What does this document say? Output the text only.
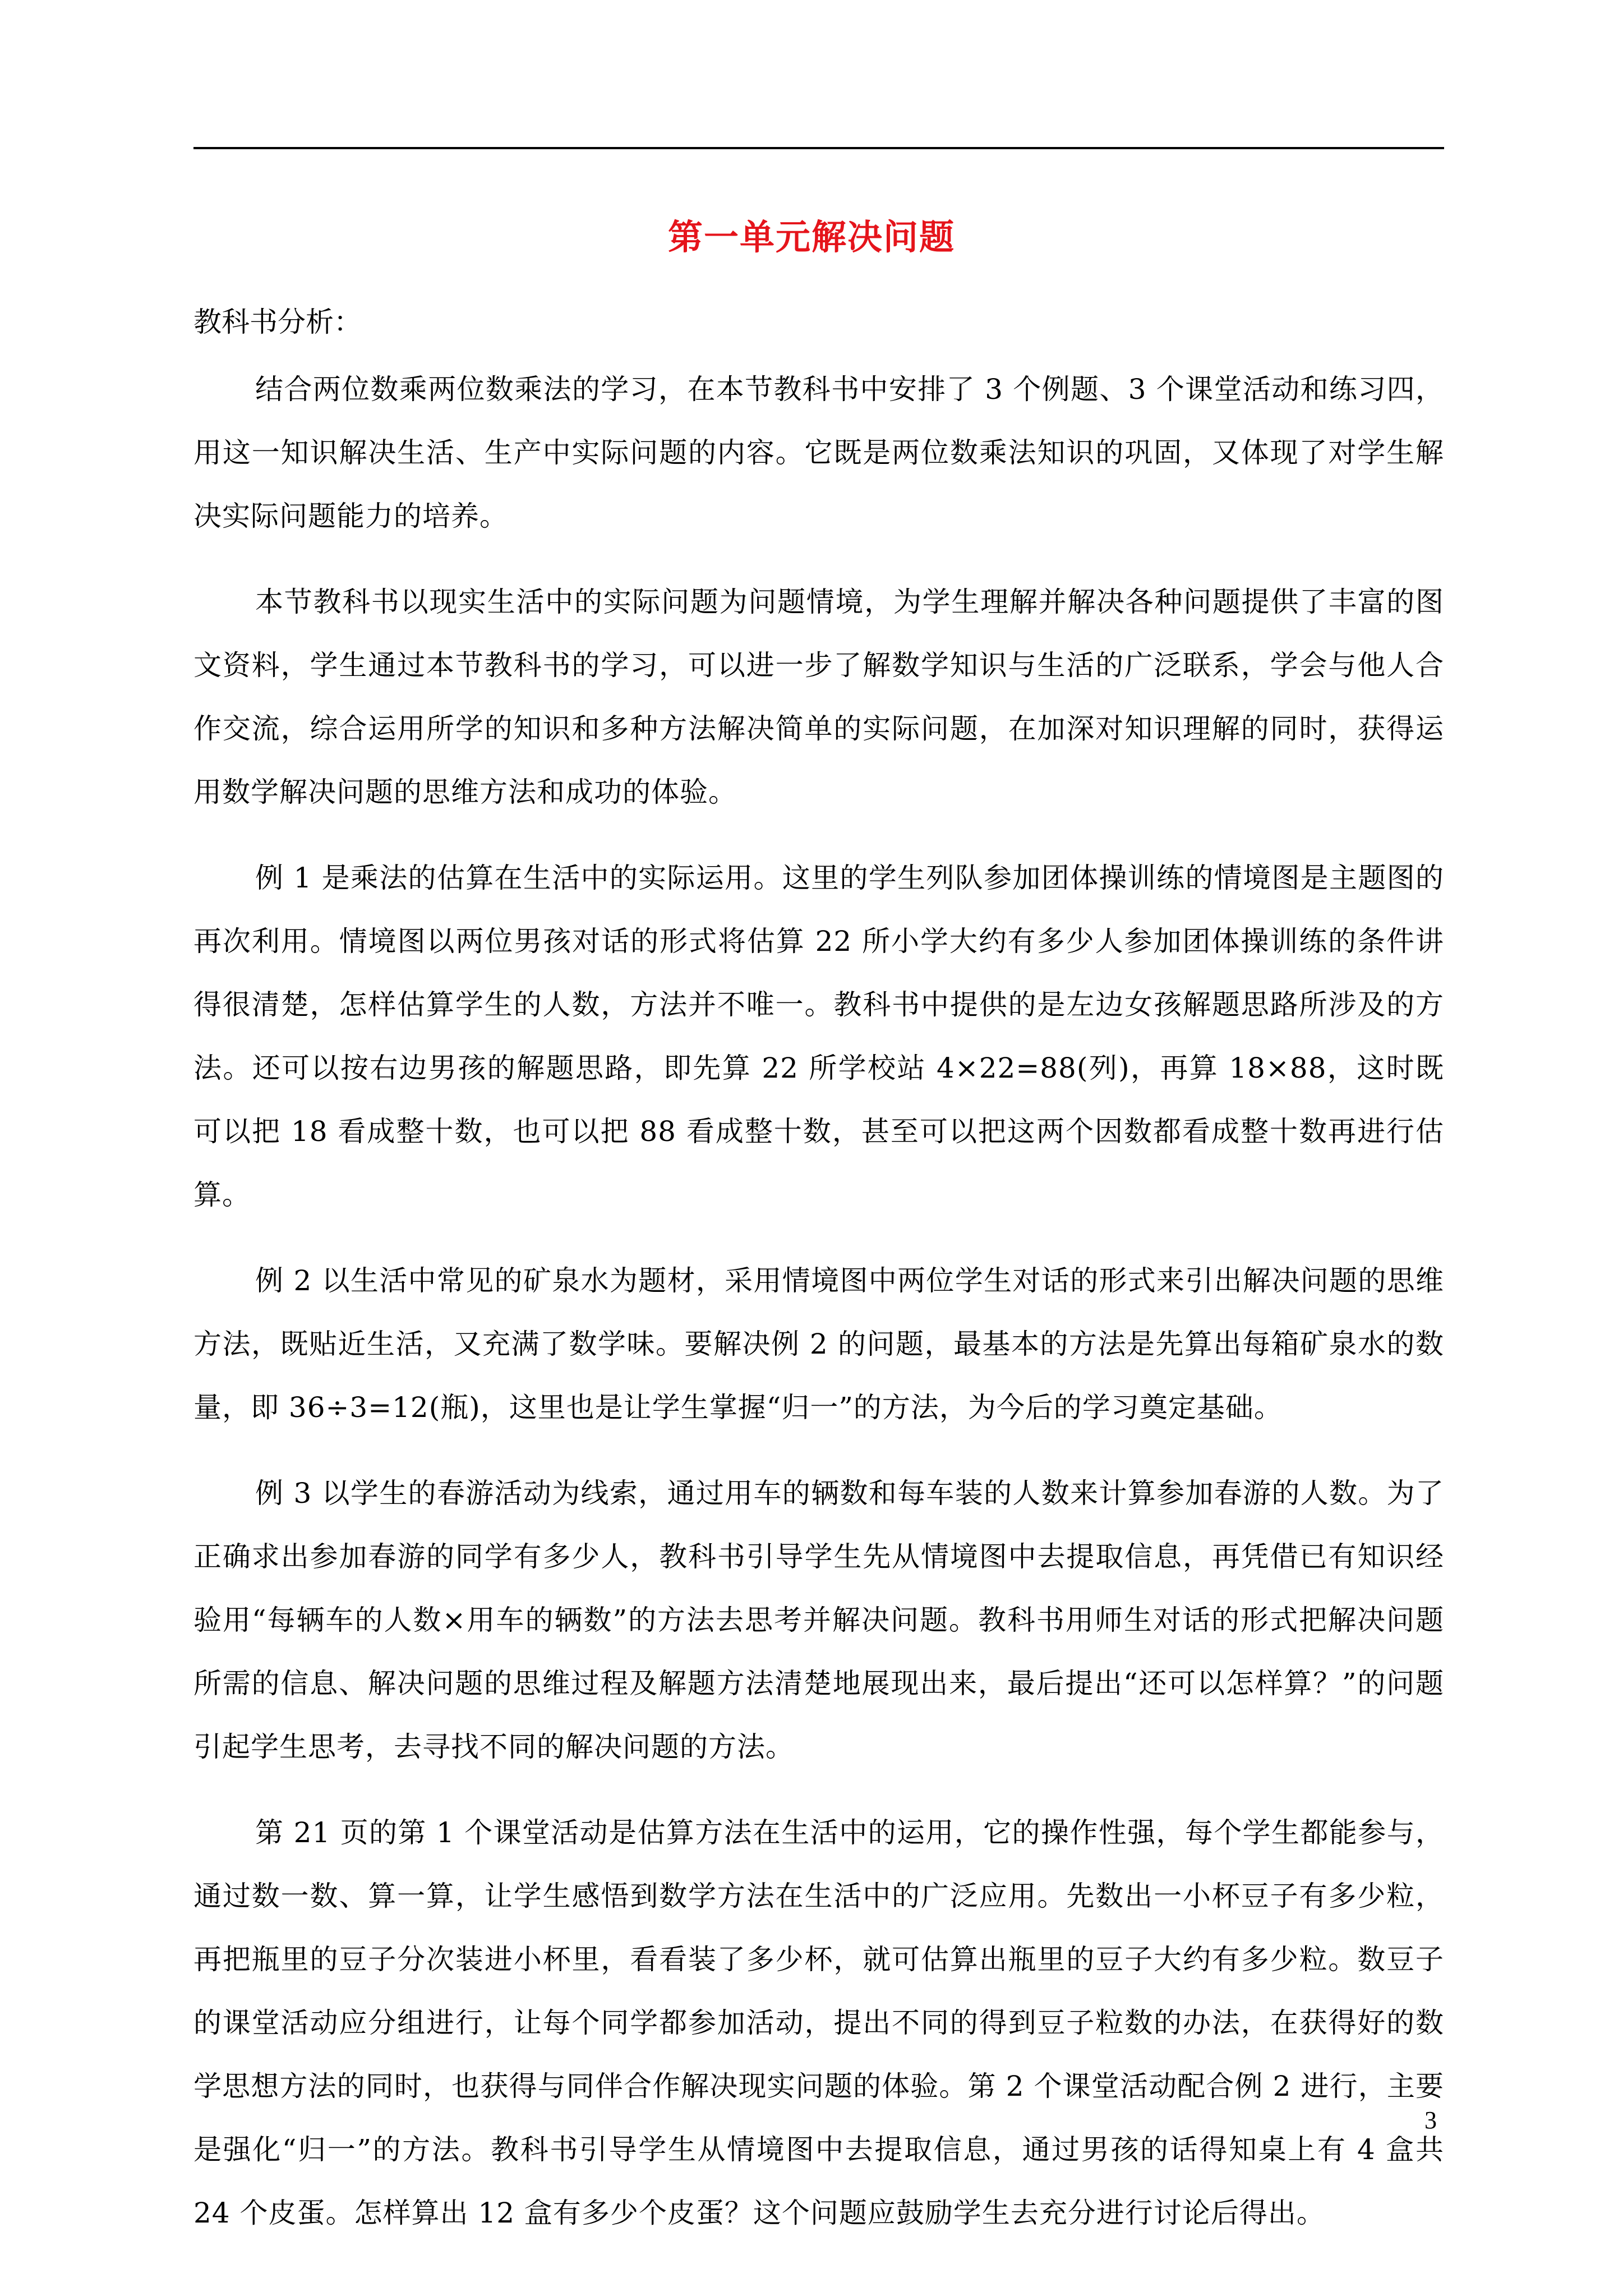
第一单元解决问题
教科书分析：

结合两位数乘两位数乘法的学习，在本节教科书中安排了 3 个例题、3 个课堂活动和练习四，用这一知识解决生活、生产中实际问题的内容。它既是两位数乘法知识的巩固，又体现了对学生解决实际问题能力的培养。

本节教科书以现实生活中的实际问题为问题情境，为学生理解并解决各种问题提供了丰富的图文资料，学生通过本节教科书的学习，可以进一步了解数学知识与生活的广泛联系，学会与他人合作交流，综合运用所学的知识和多种方法解决简单的实际问题，在加深对知识理解的同时，获得运用数学解决问题的思维方法和成功的体验。

例 1 是乘法的估算在生活中的实际运用。这里的学生列队参加团体操训练的情境图是主题图的再次利用。情境图以两位男孩对话的形式将估算 22 所小学大约有多少人参加团体操训练的条件讲得很清楚，怎样估算学生的人数，方法并不唯一。教科书中提供的是左边女孩解题思路所涉及的方法。还可以按右边男孩的解题思路，即先算 22 所学校站 4×22=88(列)，再算 18×88，这时既可以把 18 看成整十数，也可以把 88 看成整十数，甚至可以把这两个因数都看成整十数再进行估算。

例 2 以生活中常见的矿泉水为题材，采用情境图中两位学生对话的形式来引出解决问题的思维方法，既贴近生活，又充满了数学味。要解决例 2 的问题，最基本的方法是先算出每箱矿泉水的数量，即 36÷3=12(瓶)，这里也是让学生掌握“归一”的方法，为今后的学习奠定基础。

例 3 以学生的春游活动为线索，通过用车的辆数和每车装的人数来计算参加春游的人数。为了正确求出参加春游的同学有多少人，教科书引导学生先从情境图中去提取信息，再凭借已有知识经验用“每辆车的人数×用车的辆数”的方法去思考并解决问题。教科书用师生对话的形式把解决问题所需的信息、解决问题的思维过程及解题方法清楚地展现出来，最后提出“还可以怎样算？”的问题引起学生思考，去寻找不同的解决问题的方法。

第 21 页的第 1 个课堂活动是估算方法在生活中的运用，它的操作性强，每个学生都能参与，通过数一数、算一算，让学生感悟到数学方法在生活中的广泛应用。先数出一小杯豆子有多少粒，再把瓶里的豆子分次装进小杯里，看看装了多少杯，就可估算出瓶里的豆子大约有多少粒。数豆子的课堂活动应分组进行，让每个同学都参加活动，提出不同的得到豆子粒数的办法，在获得好的数学思想方法的同时，也获得与同伴合作解决现实问题的体验。第 2 个课堂活动配合例 2 进行，主要是强化“归一”的方法。教科书引导学生从情境图中去提取信息，通过男孩的话得知桌上有 4 盒共 24 个皮蛋。怎样算出 12 盒有多少个皮蛋？这个问题应鼓励学生去充分进行讨论后得出。

3
